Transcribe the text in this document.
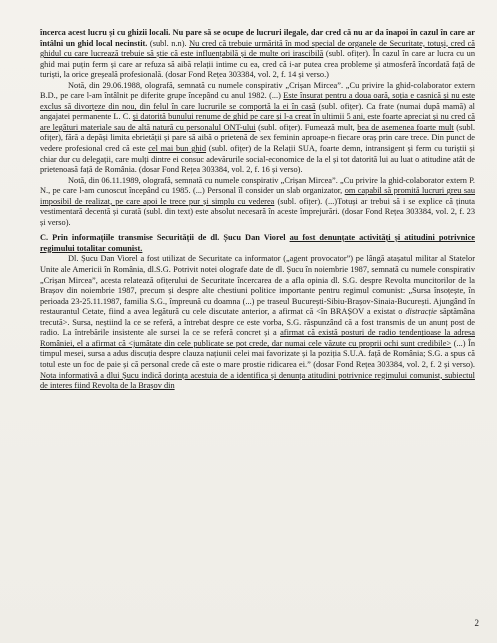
încerca acest lucru și cu ghizii locali. Nu pare să se ocupe de lucruri ilegale, dar cred că nu ar da înapoi în cazul în care ar întâlni un ghid local necinstit. (subl. n.n). Nu cred că trebuie urmărită în mod special de organele de Securitate, totuși, cred că ghidul cu care lucrează trebuie să știe că este influențabilă și de multe ori irascibilă (subl. ofițer). În cazul în care ar lucra cu un ghid mai puțin ferm și care ar refuza să aibă relații intime cu ea, cred că i-ar putea crea probleme și atmosferă încordată față de turiști, la orice greșeală profesională. (dosar Fond Rețea 303384, vol. 2, f. 14 și verso.)

Notă, din 29.06.1988, olografă, semnată cu numele conspirativ „Crișan Mircea”. „Cu privire la ghid-colaborator extern B.D., pe care l-am întâlnit pe diferite grupe începând cu anul 1982. (...) Este însurat pentru a doua oară, soția e casnică și nu este exclus să divorțeze din nou, din felul în care lucrurile se comportă la ei în casă (subl. ofițer). Ca frate (numai după mamă) al angajatei permanente L. C. și datorită bunului renume de ghid pe care și l-a creat în ultimii 5 ani, este foarte apreciat și nu cred că are legături materiale sau de altă natură cu personalul ONT-ului (subl. ofițer). Fumează mult, bea de asemenea foarte mult (subl. ofițer), fără a depăși limita ebrietății și pare să aibă o prietenă de sex feminin aproape-n fiecare oraș prin care trece. Din punct de vedere profesional cred că este cel mai bun ghid (subl. ofițer) de la Relații SUA, foarte demn, intransigent și ferm cu turiștii și chiar dur cu delegații, care mulți dintre ei consuc adevărurile social-economice de la el și tot datorită lui au luat o atitudine atât de prietenoasă față de România. (dosar Fond Rețea 303384, vol. 2, f. 16 și verso).

Notă, din 06.11.1989, olografă, semnată cu numele conspirativ „Crișan Mircea”. „Cu privire la ghid-colaborator extern P. N., pe care l-am cunoscut începând cu 1985. (...) Personal îl consider un slab organizator, om capabil să promită lucruri greu sau imposibil de realizat, pe care apoi le trece pur și simplu cu vederea (subl. ofițer). (...)Totuși ar trebui să i se explice că ținuta vestimentară decentă și curată (subl. din text) este absolut necesară în aceste împrejurări. (dosar Fond Rețea 303384, vol. 2, f. 23 și verso).

C. Prin informațiile transmise Securității de dl. Șucu Dan Viorel au fost denunțate activități și atitudini potrivnice regimului totalitar comunist.

Dl. Șucu Dan Viorel a fost utilizat de Securitate ca informator („agent provocator”) pe lângă atașatul militar al Statelor Unite ale Americii în România, dl.S.G. Potrivit notei olografe date de dl. Șucu în noiembrie 1987, semnată cu numele conspirativ „Crișan Mircea”, acesta relatează ofițerului de Securitate încercarea de a afla opinia dl. S.G. despre Revolta muncitorilor de la Brașov din noiembrie 1987, precum și despre alte chestiuni politice importante pentru regimul comunist: „Sursa însoțește, în perioada 23-25.11.1987, familia S.G., împreună cu doamna (...) pe traseul București-Sibiu-Brașov-Sinaia-București. Ajungând în restaurantul Cetate, fiind a avea legătură cu cele discutate anterior, a afirmat că <în BRAȘOV a existat o distracție săptămâna trecută>. Sursa, neștiind la ce se referă, a întrebat despre ce este vorba, S.G. răspunzând că a fost transmis de un anunț post de radio. La întrebările insistente ale sursei la ce se referă concret și a afirmat că există posturi de radio tendențioase la adresa României, el a afirmat că <jumătate din cele publicate se pot crede, dar numai cele văzute cu proprii ochi sunt credibile> (...) În timpul mesei, sursa a adus discuția despre clauza națiunii celei mai favorizate și la poziția S.U.A. față de România; S.G. a spus că totul este un foc de paie și că personal crede că este o mare prostie ridicarea ei.” (dosar Fond Rețea 303384, vol. 2, f. 2 și verso). Nota informativă a dlui Șucu indică dorința acestuia de a identifica și denunța atitudini potrivnice regimului comunist, subiectul de interes fiind Revolta de la Brașov din

2
